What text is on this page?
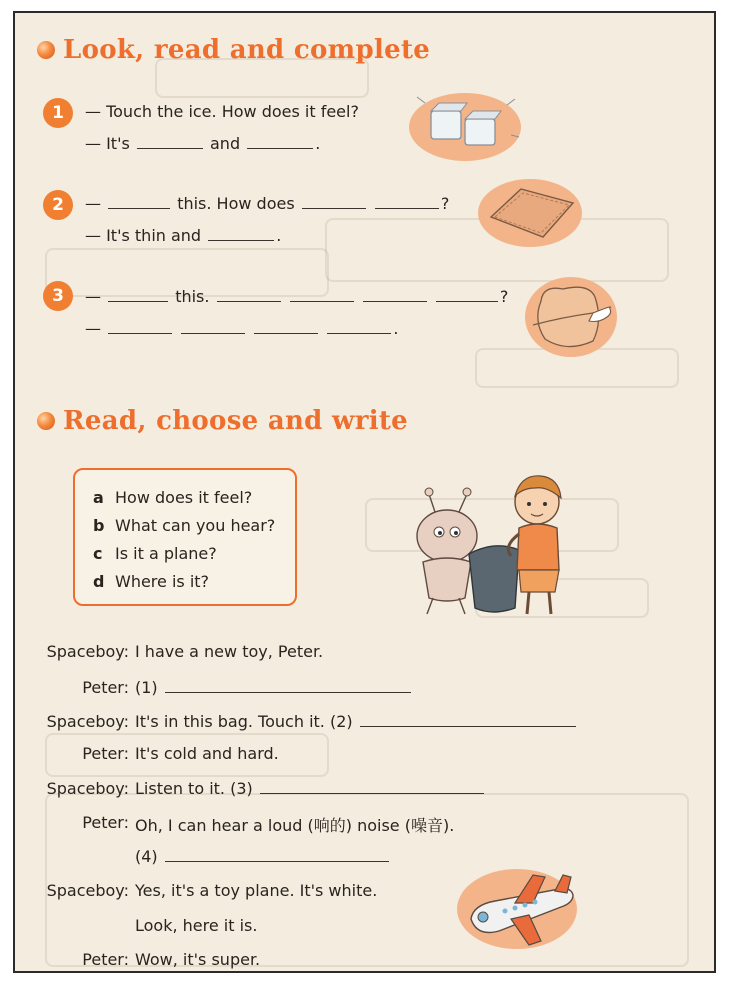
Look, read and complete
1	— Touch the ice. How does it feel?
— It's	and	.
2	—	this. How does	?
— It's thin and	.
3	—	this.	?
—	.
Read, choose and write
a How does it feel?
b What can you hear?
c Is it a plane?
d Where is it?
Spaceboy: I have a new toy, Peter.
Peter: (1)
Spaceboy: It's in this bag. Touch it. (2)
Peter: It's cold and hard.
Spaceboy: Listen to it. (3)
Peter: Oh, I can hear a loud (响的) noise (噪音).
(4)
Spaceboy: Yes, it's a toy plane. It's white.
Look, here it is.
Peter: Wow, it's super.
